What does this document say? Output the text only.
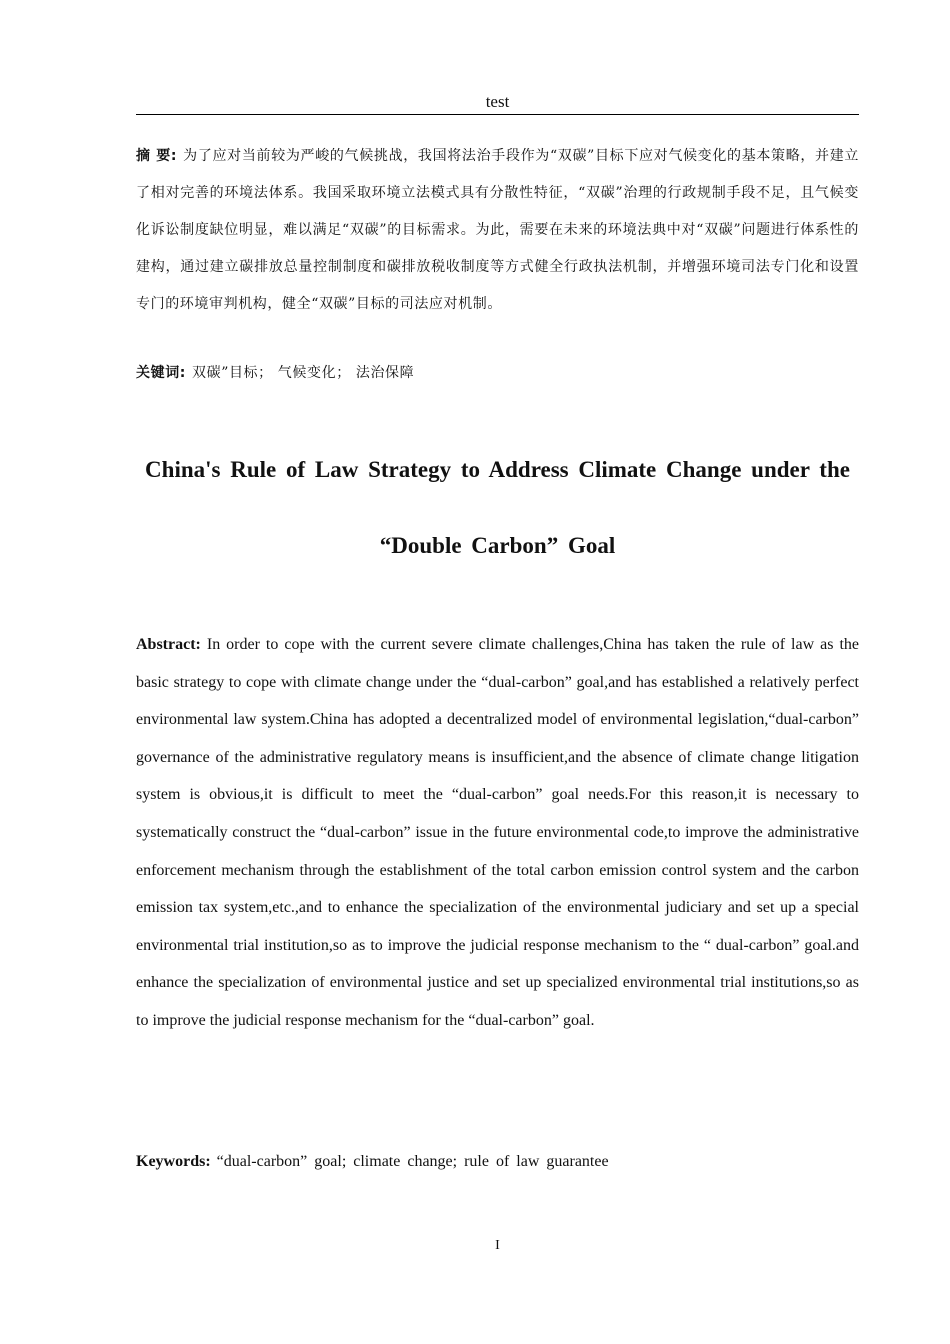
test
摘 要: 为了应对当前较为严峻的气候挑战，我国将法治手段作为“双碳”目标下应对气候变化的基本策略，并建立了相对完善的环境法体系。我国采取环境立法模式具有分散性特征，“双碳”治理的行政规制手段不足，且气候变化诉讼制度缺位明显，难以满足“双碳”的目标需求。为此，需要在未来的环境法典中对“双碳”问题进行体系性的建构，通过建立碳排放总量控制制度和碳排放税收制度等方式健全行政执法机制，并增强环境司法专门化和设置专门的环境审判机构，健全“双碳”目标的司法应对机制。
关键词: 双碳”目标； 气候变化； 法治保障
China's Rule of Law Strategy to Address Climate Change under the “Double Carbon” Goal
Abstract: In order to cope with the current severe climate challenges,China has taken the rule of law as the basic strategy to cope with climate change under the “dual-carbon” goal,and has established a relatively perfect environmental law system.China has adopted a decentralized model of environmental legislation,“dual-carbon” governance of the administrative regulatory means is insufficient,and the absence of climate change litigation system is obvious,it is difficult to meet the “dual-carbon” goal needs.For this reason,it is necessary to systematically construct the “dual-carbon” issue in the future environmental code,to improve the administrative enforcement mechanism through the establishment of the total carbon emission control system and the carbon emission tax system,etc.,and to enhance the specialization of the environmental judiciary and set up a special environmental trial institution,so as to improve the judicial response mechanism to the “ dual-carbon” goal.and enhance the specialization of environmental justice and set up specialized environmental trial institutions,so as to improve the judicial response mechanism for the “dual-carbon” goal.
Keywords: “dual-carbon” goal; climate change; rule of law guarantee
I
